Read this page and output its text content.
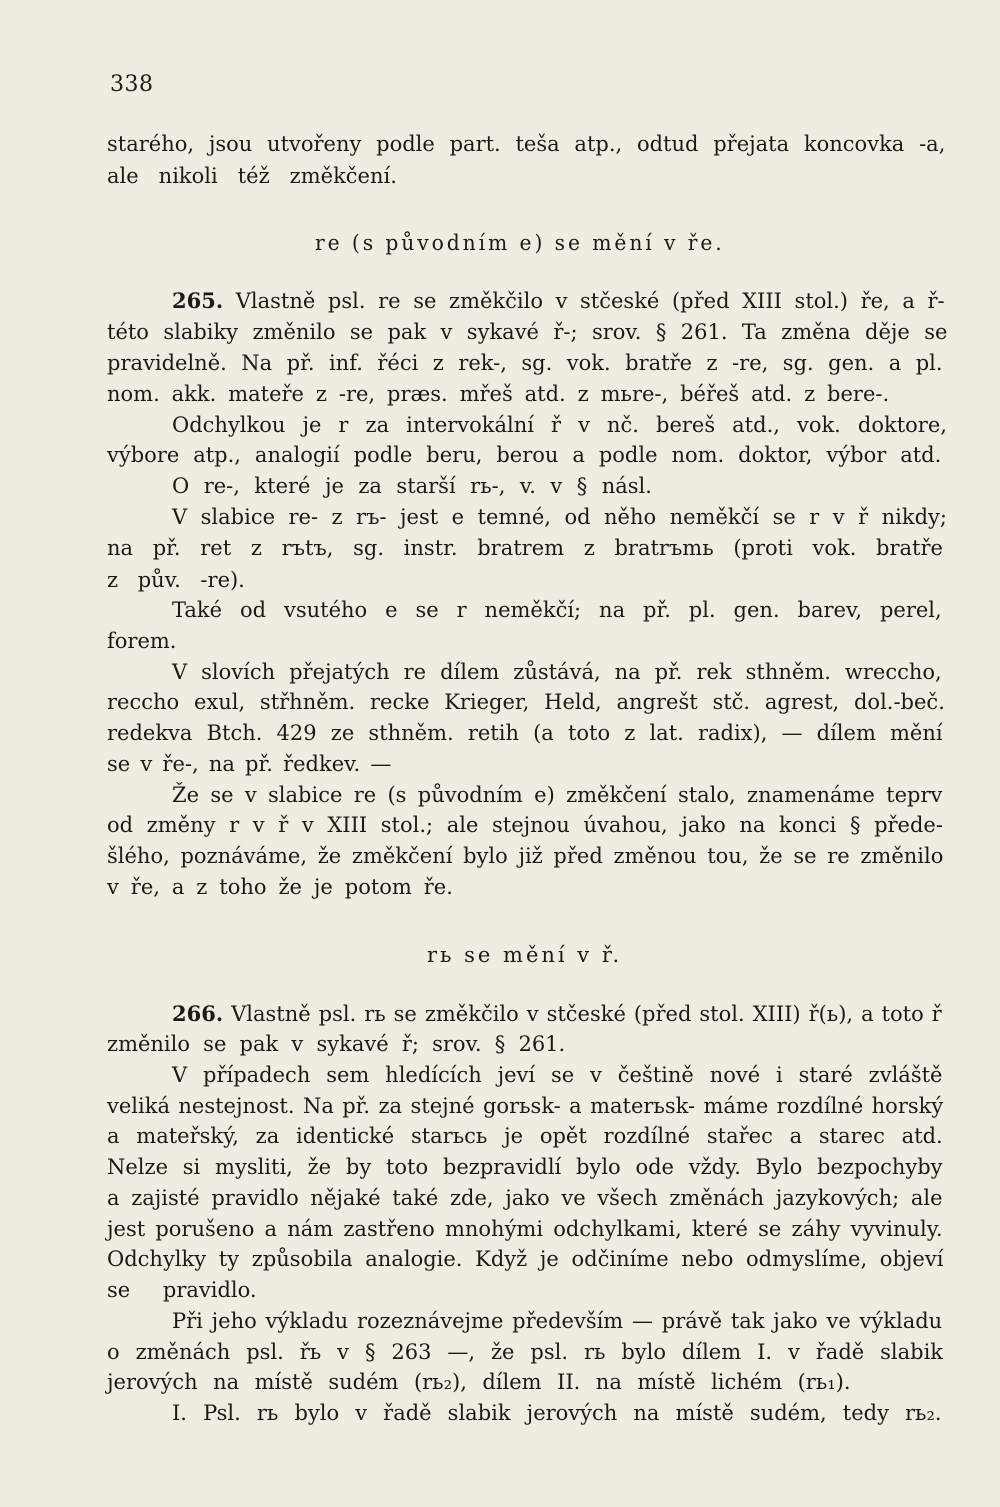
338
starého, jsou utvořeny podle part. teša atp., odtud přejata koncovka -a,
ale nikoli též změkčení.
re (s původním e) se mění v ře.
265. Vlastně psl. re se změkčilo v stčeské (před XIII stol.) ře, a ř-
této slabiky změnilo se pak v sykavé ř-; srov. § 261. Ta změna děje se
pravidelně. Na př. inf. řéci z rek-, sg. vok. bratře z -re, sg. gen. a pl.
nom. akk. mateře z -re, præs. mřeš atd. z mьre-, béřeš atd. z bere-.
Odchylkou je r za intervokální ř v nč. bereš atd., vok. doktore,
výbore atp., analogií podle beru, berou a podle nom. doktor, výbor atd.
O re-, které je za starší rь-, v. v § násl.
V slabice re- z rъ- jest e temné, od něho neměkčí se r v ř nikdy;
na př. ret z rъtъ, sg. instr. bratrem z bratrъmь (proti vok. bratře
z pův. -re).
Také od vsutého e se r neměkčí; na př. pl. gen. barev, perel,
forem.
V slovích přejatých re dílem zůstává, na př. rek sthněm. wreccho,
reccho exul, střhněm. recke Krieger, Held, angrešt stč. agrest, dol.-beč.
redekva Btch. 429 ze sthněm. retih (a toto z lat. radix), — dílem mění
se v ře-, na př. ředkev. —
Že se v slabice re (s původním e) změkčení stalo, znamenáme teprv
od změny r v ř v XIII stol.; ale stejnou úvahou, jako na konci § předе-
šlého, poznáváme, že změkčení bylo již před změnou tou, že se re změnilo
v ře, a z toho že je potom ře.
rь se mění v ř.
266. Vlastně psl. rь se změkčilo v stčeské (před stol. XIII) ř(ь), a toto ř
změnilo se pak v sykavé ř; srov. § 261.
V případech sem hledících jeví se v češtině nové i staré zvláště
veliká nestejnost. Na př. za stejné gorьsk- a materьsk- máme rozdílné horský
a mateřský, za identické starьсь je opět rozdílné stařec a starec atd.
Nelze si mysliti, že by toto bezpravidlí bylo ode vždy. Bylo bezpochyby
a zajisté pravidlo nějaké také zde, jako ve všech změnách jazykových; ale
jest porušeno a nám zastřeno mnohými odchylkami, které se záhy vyvinuly.
Odchylky ty způsobila analogie. Když je odčiníme nebo odmyslíme, objeví
se pravidlo.
Při jeho výkladu rozeznávejme především — právě tak jako ve výkladu
o změnách psl. řь v § 263 —, že psl. rь bylo dílem I. v řadě slabik
jerových na místě sudém (rь₂), dílem II. na místě lichém (rь₁).
I. Psl. rь bylo v řadě slabik jerových na místě sudém, tedy rь₂.
